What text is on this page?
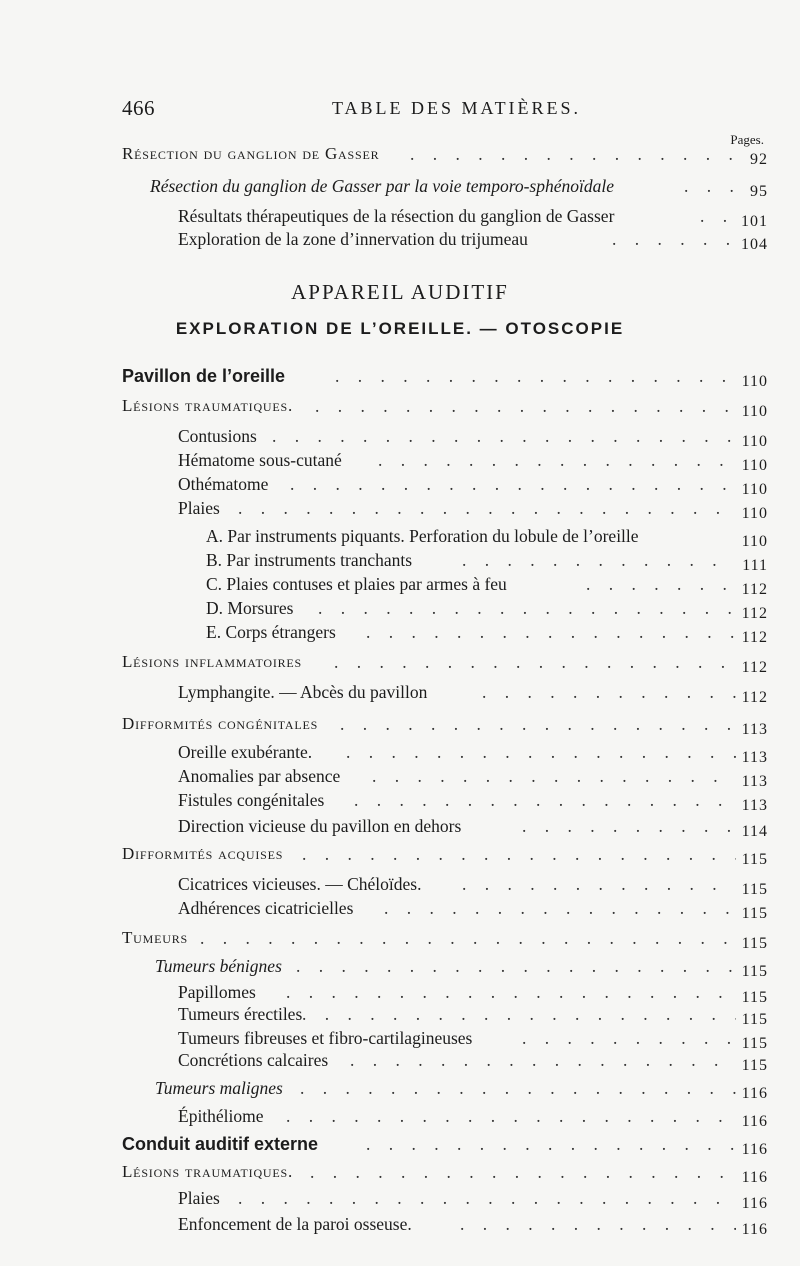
466	TABLE DES MATIÈRES.
Pages.
Résection du ganglion de Gasser . . .	92
Résection du ganglion de Gasser par la voie temporo-sphénoïdale . . .	95
Résultats thérapeutiques de la résection du ganglion de Gasser . . .	101
Exploration de la zone d’innervation du trijumeau . . .	104
APPAREIL AUDITIF
EXPLORATION DE L’OREILLE. — OTOSCOPIE
Pavillon de l’oreille . . .	110
Lésions traumatiques. . . .	110
Contusions . . .	110
Hématome sous-cutané . . .	110
Othématome . . .	110
Plaies . . .	110
A. Par instruments piquants. Perforation du lobule de l’oreille	110
B. Par instruments tranchants . . .	111
C. Plaies contuses et plaies par armes à feu . . .	112
D. Morsures . . .	112
E. Corps étrangers . . .	112
Lésions inflammatoires . . .	112
Lymphangite. — Abcès du pavillon . . .	112
Difformités congénitales . . .	113
Oreille exubérante. . . .	113
Anomalies par absence . . .	113
Fistules congénitales . . .	113
Direction vicieuse du pavillon en dehors . . .	114
Difformités acquises . . .	115
Cicatrices vicieuses. — Chéloïdes. . . .	115
Adhérences cicatricielles . . .	115
Tumeurs . . .	115
Tumeurs bénignes . . .	115
Papillomes . . .	115
Tumeurs érectiles . . .	115
Tumeurs fibreuses et fibro-cartilagineuses . . .	115
Concrétions calcaires . . .	115
Tumeurs malignes . . .	116
Épithéliome . . .	116
Conduit auditif externe . . .	116
Lésions traumatiques. . . .	116
Plaies . . .	116
Enfoncement de la paroi osseuse. . . .	116
